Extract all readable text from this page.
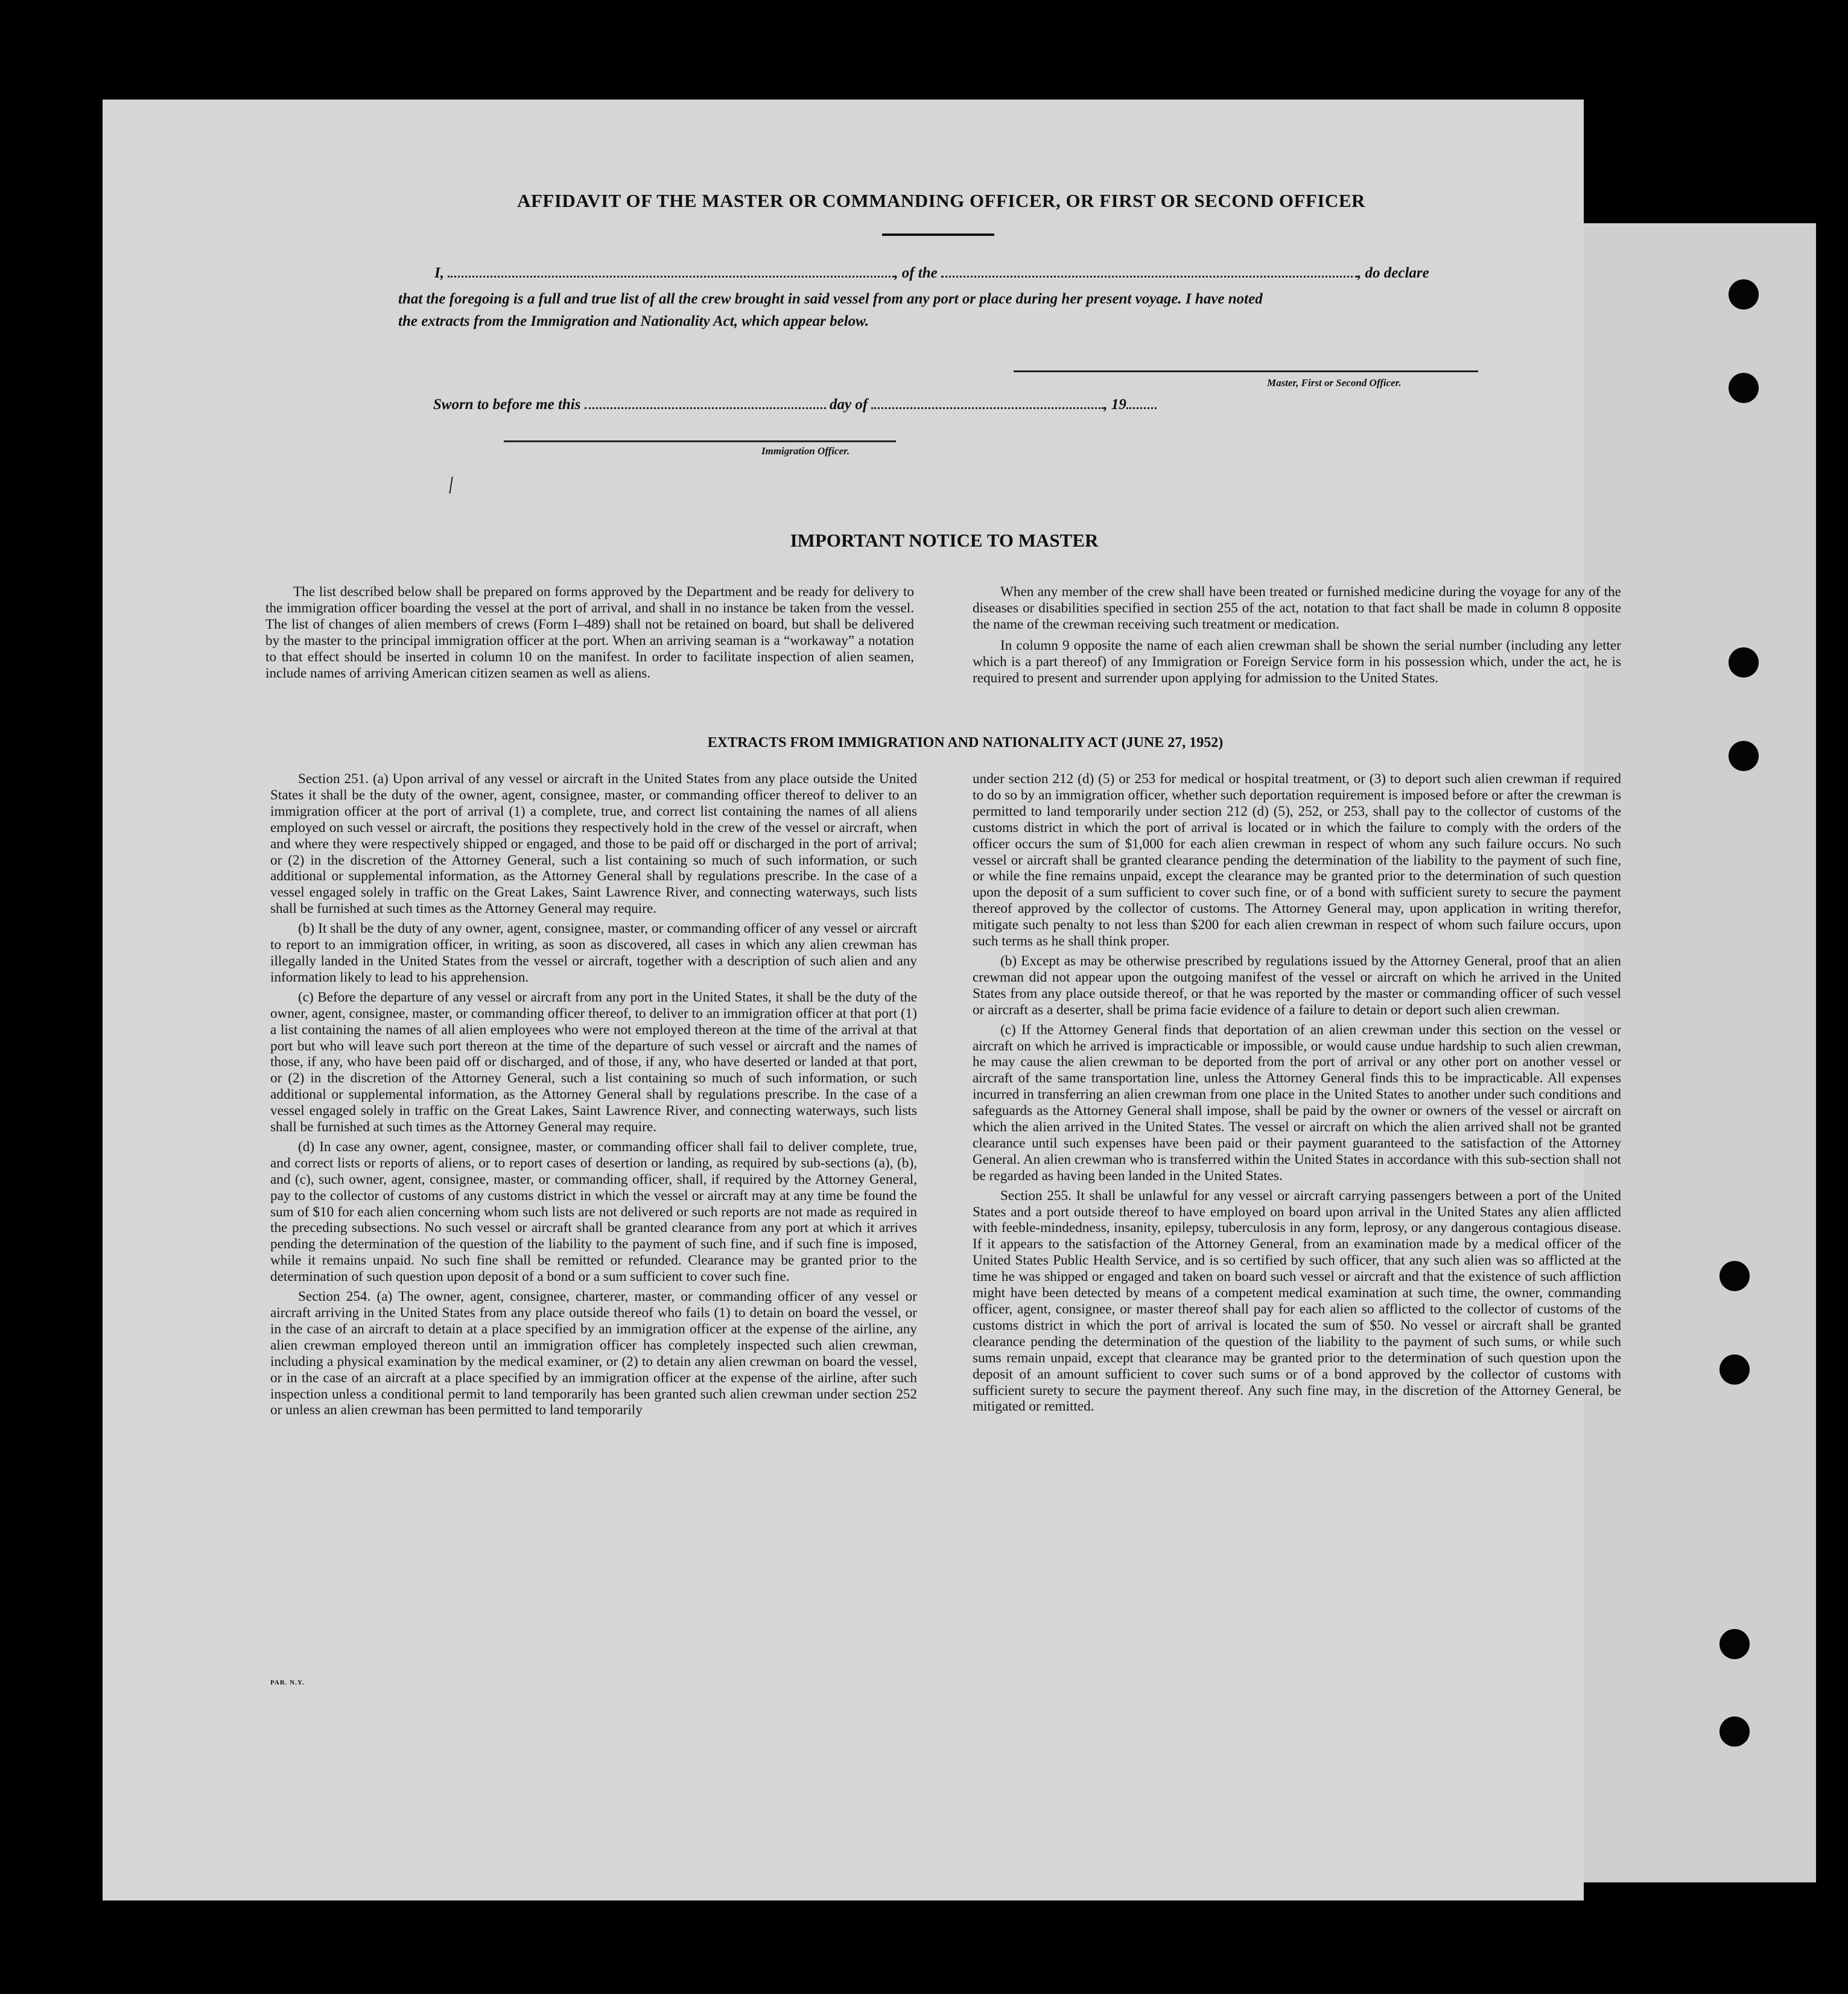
AFFIDAVIT OF THE MASTER OR COMMANDING OFFICER, OR FIRST OR SECOND OFFICER
I,	, of the	, do declare
that the foregoing is a full and true list of all the crew brought in said vessel from any port or place during her present voyage. I have noted
the extracts from the Immigration and Nationality Act, which appear below.
Master, First or Second Officer.
Sworn to before me this	day of	, 19
Immigration Officer.
/
IMPORTANT NOTICE TO MASTER

The list described below shall be prepared on forms approved by the Department and be ready for delivery to the immigration officer boarding the vessel at the port of arrival, and shall in no instance be taken from the vessel. The list of changes of alien members of crews (Form I–489) shall not be retained on board, but shall be delivered by the master to the principal immigration officer at the port. When an arriving seaman is a “workaway” a notation to that effect should be inserted in column 10 on the manifest. In order to facilitate inspection of alien seamen, include names of arriving American citizen seamen as well as aliens.

When any member of the crew shall have been treated or furnished medicine during the voyage for any of the diseases or disabilities specified in section 255 of the act, notation to that fact shall be made in column 8 opposite the name of the crewman receiving such treatment or medication.

In column 9 opposite the name of each alien crewman shall be shown the serial number (including any letter which is a part thereof) of any Immigration or Foreign Service form in his possession which, under the act, he is required to present and surrender upon applying for admission to the United States.

EXTRACTS FROM IMMIGRATION AND NATIONALITY ACT (JUNE 27, 1952)

Section 251. (a) Upon arrival of any vessel or aircraft in the United States from any place outside the United States it shall be the duty of the owner, agent, consignee, master, or commanding officer thereof to deliver to an immigration officer at the port of arrival (1) a complete, true, and correct list containing the names of all aliens employed on such vessel or aircraft, the positions they respectively hold in the crew of the vessel or aircraft, when and where they were respectively shipped or engaged, and those to be paid off or discharged in the port of arrival; or (2) in the discretion of the Attorney General, such a list containing so much of such information, or such additional or supplemental information, as the Attorney General shall by regulations prescribe. In the case of a vessel engaged solely in traffic on the Great Lakes, Saint Lawrence River, and connecting waterways, such lists shall be furnished at such times as the Attorney General may require.

(b) It shall be the duty of any owner, agent, consignee, master, or commanding officer of any vessel or aircraft to report to an immigration officer, in writing, as soon as discovered, all cases in which any alien crewman has illegally landed in the United States from the vessel or aircraft, together with a description of such alien and any information likely to lead to his apprehension.

(c) Before the departure of any vessel or aircraft from any port in the United States, it shall be the duty of the owner, agent, consignee, master, or commanding officer thereof, to deliver to an immigration officer at that port (1) a list containing the names of all alien employees who were not employed thereon at the time of the arrival at that port but who will leave such port thereon at the time of the departure of such vessel or aircraft and the names of those, if any, who have been paid off or discharged, and of those, if any, who have deserted or landed at that port, or (2) in the discretion of the Attorney General, such a list containing so much of such information, or such additional or supplemental information, as the Attorney General shall by regulations prescribe. In the case of a vessel engaged solely in traffic on the Great Lakes, Saint Lawrence River, and connecting waterways, such lists shall be furnished at such times as the Attorney General may require.

(d) In case any owner, agent, consignee, master, or commanding officer shall fail to deliver complete, true, and correct lists or reports of aliens, or to report cases of desertion or landing, as required by sub-sections (a), (b), and (c), such owner, agent, consignee, master, or commanding officer, shall, if required by the Attorney General, pay to the collector of customs of any customs district in which the vessel or aircraft may at any time be found the sum of $10 for each alien concerning whom such lists are not delivered or such reports are not made as required in the preceding subsections. No such vessel or aircraft shall be granted clearance from any port at which it arrives pending the determination of the question of the liability to the payment of such fine, and if such fine is imposed, while it remains unpaid. No such fine shall be remitted or refunded. Clearance may be granted prior to the determination of such question upon deposit of a bond or a sum sufficient to cover such fine.

Section 254. (a) The owner, agent, consignee, charterer, master, or commanding officer of any vessel or aircraft arriving in the United States from any place outside thereof who fails (1) to detain on board the vessel, or in the case of an aircraft to detain at a place specified by an immigration officer at the expense of the airline, any alien crewman employed thereon until an immigration officer has completely inspected such alien crewman, including a physical examination by the medical examiner, or (2) to detain any alien crewman on board the vessel, or in the case of an aircraft at a place specified by an immigration officer at the expense of the airline, after such inspection unless a conditional permit to land temporarily has been granted such alien crewman under section 252 or unless an alien crewman has been permitted to land temporarily

under section 212 (d) (5) or 253 for medical or hospital treatment, or (3) to deport such alien crewman if required to do so by an immigration officer, whether such deportation requirement is imposed before or after the crewman is permitted to land temporarily under section 212 (d) (5), 252, or 253, shall pay to the collector of customs of the customs district in which the port of arrival is located or in which the failure to comply with the orders of the officer occurs the sum of $1,000 for each alien crewman in respect of whom any such failure occurs. No such vessel or aircraft shall be granted clearance pending the determination of the liability to the payment of such fine, or while the fine remains unpaid, except the clearance may be granted prior to the determination of such question upon the deposit of a sum sufficient to cover such fine, or of a bond with sufficient surety to secure the payment thereof approved by the collector of customs. The Attorney General may, upon application in writing therefor, mitigate such penalty to not less than $200 for each alien crewman in respect of whom such failure occurs, upon such terms as he shall think proper.

(b) Except as may be otherwise prescribed by regulations issued by the Attorney General, proof that an alien crewman did not appear upon the outgoing manifest of the vessel or aircraft on which he arrived in the United States from any place outside thereof, or that he was reported by the master or commanding officer of such vessel or aircraft as a deserter, shall be prima facie evidence of a failure to detain or deport such alien crewman.

(c) If the Attorney General finds that deportation of an alien crewman under this section on the vessel or aircraft on which he arrived is impracticable or impossible, or would cause undue hardship to such alien crewman, he may cause the alien crewman to be deported from the port of arrival or any other port on another vessel or aircraft of the same transportation line, unless the Attorney General finds this to be impracticable. All expenses incurred in transferring an alien crewman from one place in the United States to another under such conditions and safeguards as the Attorney General shall impose, shall be paid by the owner or owners of the vessel or aircraft on which the alien arrived in the United States. The vessel or aircraft on which the alien arrived shall not be granted clearance until such expenses have been paid or their payment guaranteed to the satisfaction of the Attorney General. An alien crewman who is transferred within the United States in accordance with this sub-section shall not be regarded as having been landed in the United States.

Section 255. It shall be unlawful for any vessel or aircraft carrying passengers between a port of the United States and a port outside thereof to have employed on board upon arrival in the United States any alien afflicted with feeble-mindedness, insanity, epilepsy, tuberculosis in any form, leprosy, or any dangerous contagious disease. If it appears to the satisfaction of the Attorney General, from an examination made by a medical officer of the United States Public Health Service, and is so certified by such officer, that any such alien was so afflicted at the time he was shipped or engaged and taken on board such vessel or aircraft and that the existence of such affliction might have been detected by means of a competent medical examination at such time, the owner, commanding officer, agent, consignee, or master thereof shall pay for each alien so afflicted to the collector of customs of the customs district in which the port of arrival is located the sum of $50. No vessel or aircraft shall be granted clearance pending the determination of the question of the liability to the payment of such sums, or while such sums remain unpaid, except that clearance may be granted prior to the determination of such question upon the deposit of an amount sufficient to cover such sums or of a bond approved by the collector of customs with sufficient surety to secure the payment thereof. Any such fine may, in the discretion of the Attorney General, be mitigated or remitted.

PAR. N.Y.
